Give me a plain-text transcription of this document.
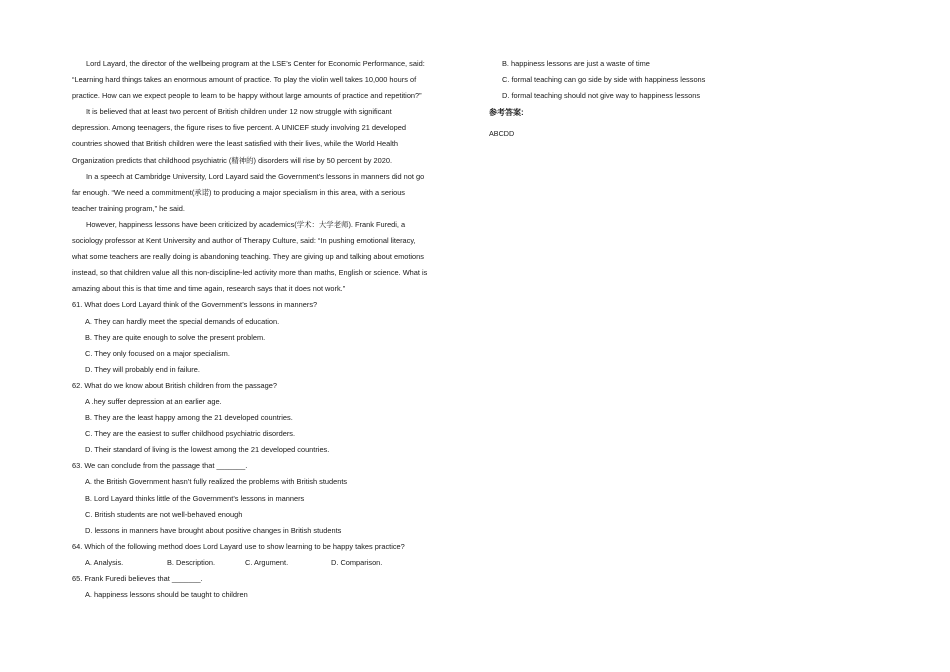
Lord Layard, the director of the wellbeing program at the LSE’s Center for Economic Performance, said:
“Learning hard things takes an enormous amount of practice. To play the violin well takes 10,000 hours of
practice. How can we expect people to learn to be happy without large amounts of practice and repetition?”
It is believed that at least two percent of British children under 12 now struggle with significant
depression. Among teenagers, the figure rises to five percent. A UNICEF study involving 21 developed
countries showed that British children were the least satisfied with their lives, while the World Health
Organization predicts that childhood psychiatric (精神的) disorders will rise by 50 percent by 2020.
In a speech at Cambridge University, Lord Layard said the Government’s lessons in manners did not go
far enough. “We need a commitment(承诺) to producing a major specialism in this area, with a serious
teacher training program,” he said.
However, happiness lessons have been criticized by academics(学术：大学老师). Frank Furedi, a
sociology professor at Kent University and author of Therapy Culture, said: “In pushing emotional literacy,
what some teachers are really doing is abandoning teaching. They are giving up and talking about emotions
instead, so that children value all this non-discipline-led activity more than maths, English or science. What is
amazing about this is that time and time again, research says that it does not work.”
61. What does Lord Layard think of the Government’s lessons in manners?
A. They can hardly meet the special demands of education.
B. They are quite enough to solve the present problem.
C. They only focused on a major specialism.
D. They will probably end in failure.
62. What do we know about British children from the passage?
A .hey suffer depression at an earlier age.
B. They are the least happy among the 21 developed countries.
C. They are the easiest to suffer childhood psychiatric disorders.
D. Their standard of living is the lowest among the 21 developed countries.
63. We can conclude from the passage that _______.
A. the British Government hasn’t fully realized the problems with British students
B. Lord Layard thinks little of the Government’s lessons in manners
C. British students are not well-behaved enough
D. lessons in manners have brought about positive changes in British students
64. Which of the following method does Lord Layard use to show learning to be happy takes practice?
A. Analysis.	B. Description.	C. Argument.	D. Comparison.
65. Frank Furedi believes that _______.
A. happiness lessons should be taught to children
B. happiness lessons are just a waste of time
C. formal teaching can go side by side with happiness lessons
D. formal teaching should not give way to happiness lessons
参考答案:
ABCDD
